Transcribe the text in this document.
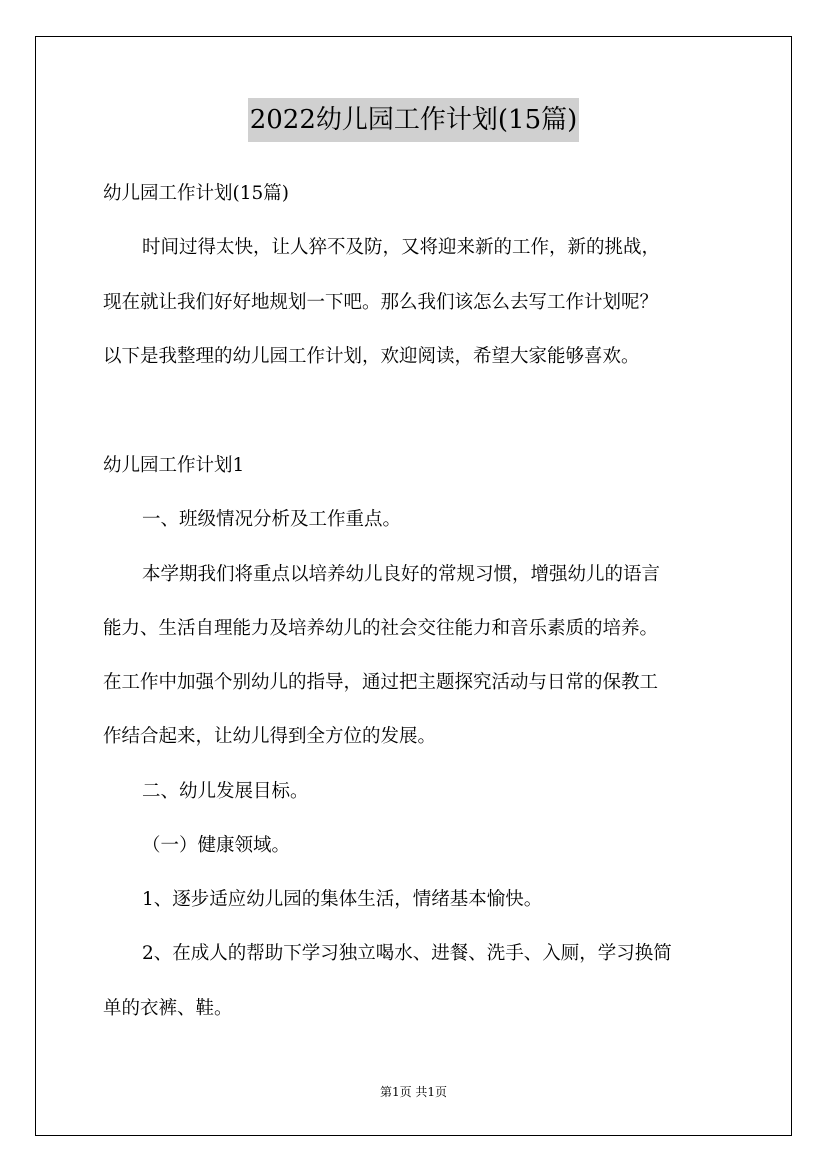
2022幼儿园工作计划(15篇)
幼儿园工作计划(15篇)
时间过得太快，让人猝不及防，又将迎来新的工作，新的挑战，
现在就让我们好好地规划一下吧。那么我们该怎么去写工作计划呢？
以下是我整理的幼儿园工作计划，欢迎阅读，希望大家能够喜欢。
幼儿园工作计划1
一、班级情况分析及工作重点。
本学期我们将重点以培养幼儿良好的常规习惯，增强幼儿的语言
能力、生活自理能力及培养幼儿的社会交往能力和音乐素质的培养。
在工作中加强个别幼儿的指导，通过把主题探究活动与日常的保教工
作结合起来，让幼儿得到全方位的发展。
二、幼儿发展目标。
（一）健康领域。
1、逐步适应幼儿园的集体生活，情绪基本愉快。
2、在成人的帮助下学习独立喝水、进餐、洗手、入厕，学习换简
单的衣裤、鞋。
第1页 共1页
